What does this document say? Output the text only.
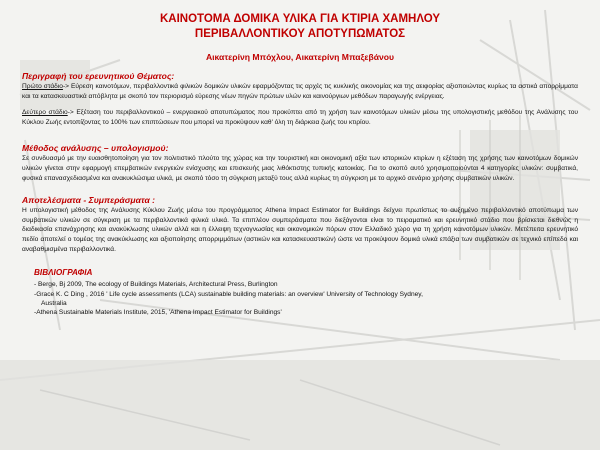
ΚΑΙΝΟΤΟΜΑ ΔΟΜΙΚΑ ΥΛΙΚΑ ΓΙΑ ΚΤΙΡΙΑ ΧΑΜΗΛΟΥ
ΠΕΡΙΒΑΛΛΟΝΤΙΚΟΥ ΑΠΟΤΥΠΩΜΑΤΟΣ
Αικατερίνη Μπόχλου, Αικατερίνη Μπαξεβάνου
Περιγραφή του ερευνητικού Θέματος:

Πρώτο στάδιο-> Εύρεση καινοτόμων, περιβαλλοντικά φιλικών δομικών υλικών εφαρμόζοντας τις αρχές τις κυκλικής οικονομίας και της αειφορίας αξιοποιώντας κυρίως τα αστικά απορρίμματα και τα κατασκευαστικά απόβλητα με σκοπό τον περιορισμό εύρεσης νέων πηγών πρώτων υλών και καινούργιων μεθόδων παραγωγής ενέργειας.

Δεύτερο στάδιο-> Εξέταση του περιβαλλοντικού – ενεργειακού αποτυπώματος που προκύπτει από τη χρήση των καινοτόμων υλικών μέσω της υπολογιστικής μεθόδου της Ανάλυσης του Κύκλου Ζωής εντοπίζοντας το 100% των επιπτώσεων που μπορεί να προκύψουν καθ' όλη τη διάρκεια ζωής του κτιρίου.

Μέθοδος ανάλυσης – υπολογισμού:

Σε συνδυασμό με την ευαισθητοποίηση για τον πολιτιστικό πλούτο της χώρας και την τουριστική και οικονομική αξία των ιστορικών κτιρίων η εξέταση της χρήσης των καινοτόμων δομικών υλικών γίνεται στην εφαρμογή επεμβατικών ενεργειών ενίσχυσης και επισκευής μιας λιθόκτιστης τυπικής κατοικίας. Για το σκοπό αυτό χρησιμοποιούνται 4 κατηγορίες υλικών: συμβατικά, φυσικά επανασχεδιασμένα και ανακυκλώσιμα υλικά, με σκοπό τόσο τη σύγκριση μεταξύ τους αλλά κυρίως τη σύγκριση με το αρχικό σενάριο χρήσης συμβατικών υλικών.

Αποτελέσματα - Συμπεράσματα :

Η υπολογιστική μέθοδος της Ανάλυσης Κύκλου Ζωής μέσω του προγράμματος Athena Impact Estimator for Buildings δείχνει πρωτίστως το αυξημένο περιβαλλοντικό αποτύπωμα των συμβατικών υλικών σε σύγκριση με τα περιβαλλοντικά φιλικά υλικά. Τα επιπλέον συμπεράσματα που διεξάγονται είναι το πειραματικό και ερευνητικό στάδιο που βρίσκεται διεθνώς η διαδικασία επανάχρησης και ανακύκλωσης υλικών αλλά και η έλλειψη τεχνογνωσίας και οικονομικών πόρων στον Ελλαδικό χώρο για τη χρήση καινοτόμων υλικών. Μετέπειτα ερευνητικό πεδίο αποτελεί ο τομέας της ανακύκλωσης και αξιοποίησης απορριμμάτων (αστικών και κατασκευαστικών) ώστε να προκύψουν δομικά υλικά επάξια των συμβατικών σε τεχνικό επίπεδο και αναβαθμισμένα περιβαλλοντικά.

ΒΙΒΛΙΟΓΡΑΦΙΑ
- Berge, Bj 2009, The ecology of Buildings Materials, Architectural Press, Burlington
-Grace K. C Ding , 2016 ' Life cycle assessments (LCA) sustainable building materials: an overview' University of Technology Sydney,
Australia
-Athena Sustainable Materials Institute, 2015, 'Athena Impact Estimator for Buildings'
